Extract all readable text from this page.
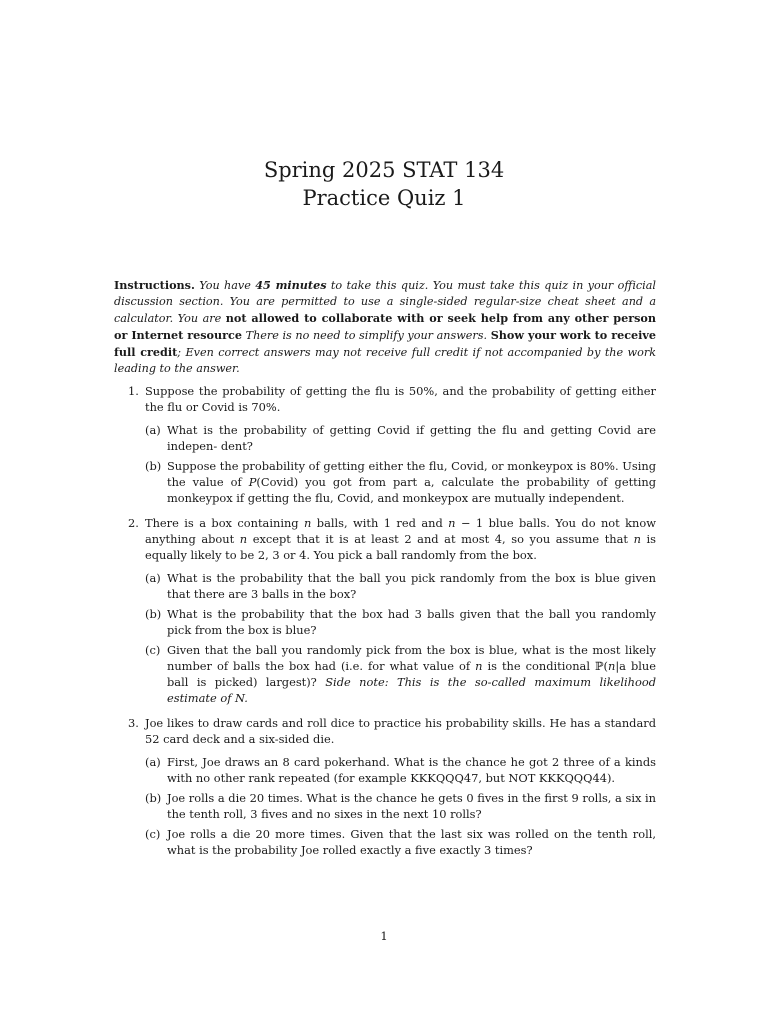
Spring 2025 STAT 134
Practice Quiz 1
Instructions. You have 45 minutes to take this quiz. You must take this quiz in your official discussion section. You are permitted to use a single-sided regular-size cheat sheet and a calculator. You are not allowed to collaborate with or seek help from any other person or Internet resource There is no need to simplify your answers. Show your work to receive full credit; Even correct answers may not receive full credit if not accompanied by the work leading to the answer.
1. Suppose the probability of getting the flu is 50%, and the probability of getting either the flu or Covid is 70%.
(a) What is the probability of getting Covid if getting the flu and getting Covid are indepen- dent?
(b) Suppose the probability of getting either the flu, Covid, or monkeypox is 80%. Using the value of P(Covid) you got from part a, calculate the probability of getting monkeypox if getting the flu, Covid, and monkeypox are mutually independent.
2. There is a box containing n balls, with 1 red and n − 1 blue balls. You do not know anything about n except that it is at least 2 and at most 4, so you assume that n is equally likely to be 2, 3 or 4. You pick a ball randomly from the box.
(a) What is the probability that the ball you pick randomly from the box is blue given that there are 3 balls in the box?
(b) What is the probability that the box had 3 balls given that the ball you randomly pick from the box is blue?
(c) Given that the ball you randomly pick from the box is blue, what is the most likely number of balls the box had (i.e. for what value of n is the conditional ℙ(n|a blue ball is picked) largest)? Side note: This is the so-called maximum likelihood estimate of N.
3. Joe likes to draw cards and roll dice to practice his probability skills. He has a standard 52 card deck and a six-sided die.
(a) First, Joe draws an 8 card pokerhand. What is the chance he got 2 three of a kinds with no other rank repeated (for example KKKQQQ47, but NOT KKKQQQ44).
(b) Joe rolls a die 20 times. What is the chance he gets 0 fives in the first 9 rolls, a six in the tenth roll, 3 fives and no sixes in the next 10 rolls?
(c) Joe rolls a die 20 more times. Given that the last six was rolled on the tenth roll, what is the probability Joe rolled exactly a five exactly 3 times?
1
